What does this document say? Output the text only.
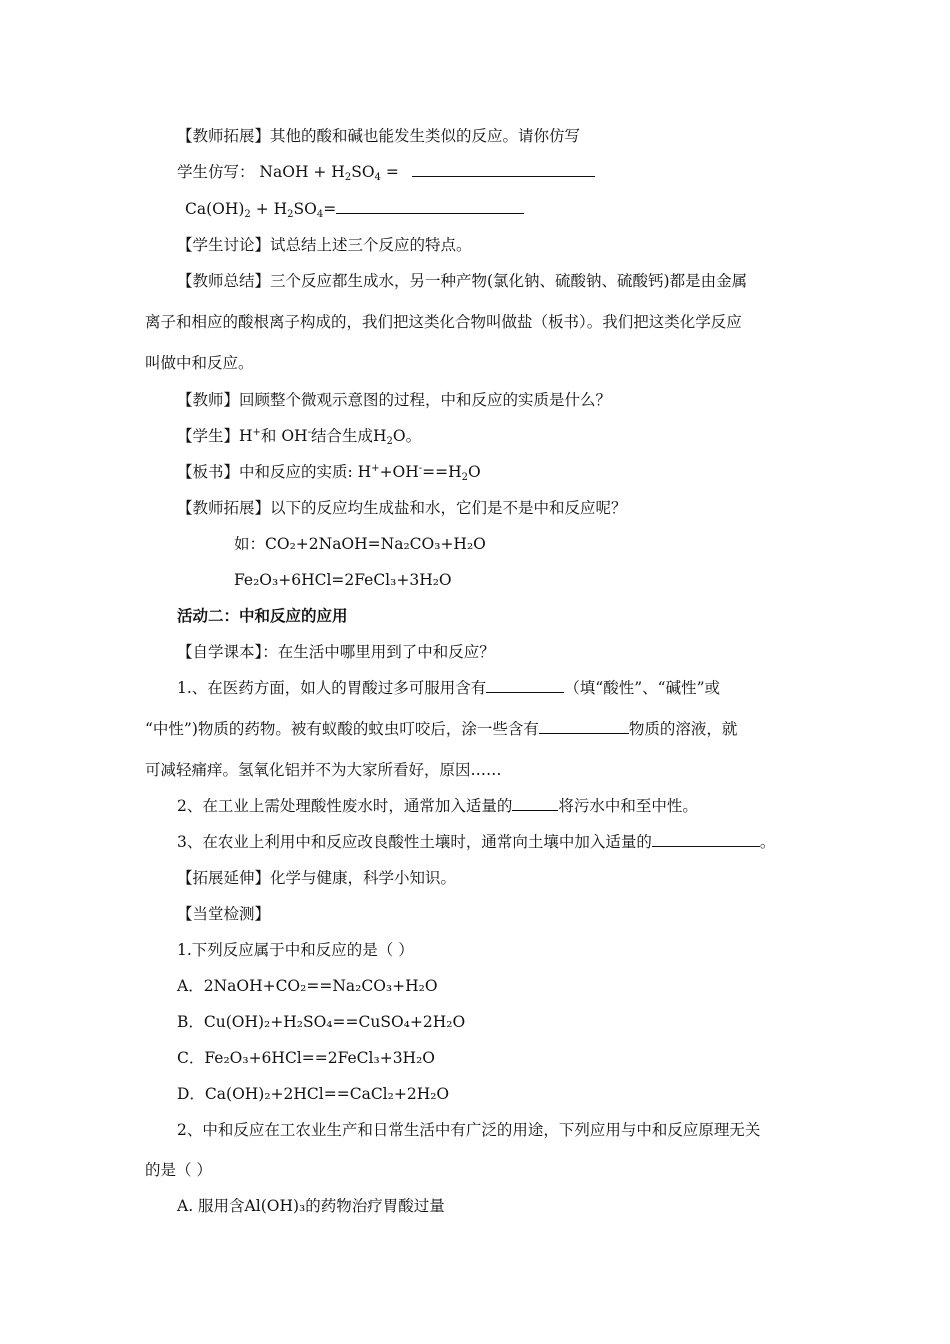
【教师拓展】其他的酸和碱也能发生类似的反应。请你仿写
学生仿写： NaOH + $H_2SO_4$ =
$Ca(OH)_2 + H_2SO_4=$
【学生讨论】试总结上述三个反应的特点。
【教师总结】三个反应都生成水，另一种产物(氯化钠、硫酸钠、硫酸钙)都是由金属
离子和相应的酸根离子构成的，我们把这类化合物叫做盐（板书）。我们把这类化学反应
叫做中和反应。
【教师】回顾整个微观示意图的过程，中和反应的实质是什么？
【学生】H+和 OH-结合生成$H_2O$。
【板书】中和反应的实质: $H^++OH^-==H_2O$
【教师拓展】以下的反应均生成盐和水，它们是不是中和反应呢？
如：CO₂+2NaOH=Na₂CO₃+H₂O
Fe₂O₃+6HCl=2FeCl₃+3H₂O
活动二：中和反应的应用
【自学课本】：在生活中哪里用到了中和反应？
1.、在医药方面，如人的胃酸过多可服用含有	（填“酸性”、“碱性”或
“中性”)物质的药物。被有蚁酸的蚊虫叮咬后，涂一些含有	物质的溶液，就
可减轻痛痒。氢氧化铝并不为大家所看好，原因……
2、在工业上需处理酸性废水时，通常加入适量的	将污水中和至中性。
3、在农业上利用中和反应改良酸性土壤时，通常向土壤中加入适量的	。
【拓展延伸】化学与健康，科学小知识。
【当堂检测】
1.下列反应属于中和反应的是（ ）
A．2NaOH+CO₂==Na₂CO₃+H₂O
B．Cu(OH)₂+H₂SO₄==CuSO₄+2H₂O
C．Fe₂O₃+6HCl==2FeCl₃+3H₂O
D．Ca(OH)₂+2HCl==CaCl₂+2H₂O
2、中和反应在工农业生产和日常生活中有广泛的用途，下列应用与中和反应原理无关
的是（ ）
A. 服用含Al(OH)₃的药物治疗胃酸过量
